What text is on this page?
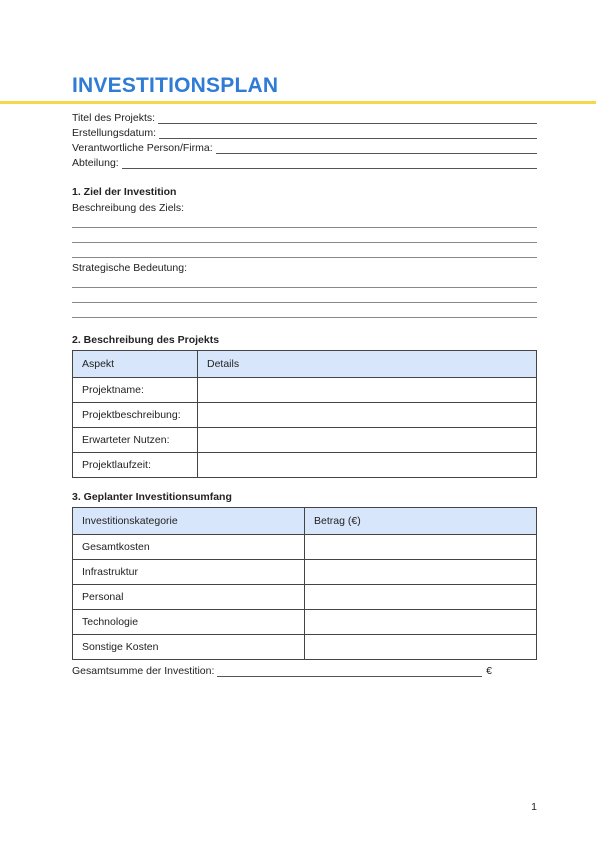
INVESTITIONSPLAN
Titel des Projekts:
Erstellungsdatum:
Verantwortliche Person/Firma:
Abteilung:
1. Ziel der Investition
Beschreibung des Ziels:
Strategische Bedeutung:
2. Beschreibung des Projekts
Aspekt	Details
Projektname:	
Projektbeschreibung:	
Erwarteter Nutzen:	
Projektlaufzeit:	
3. Geplanter Investitionsumfang
Investitionskategorie	Betrag (€)
Gesamtkosten	
Infrastruktur	
Personal	
Technologie	
Sonstige Kosten	
Gesamtsumme der Investition:	€
1
